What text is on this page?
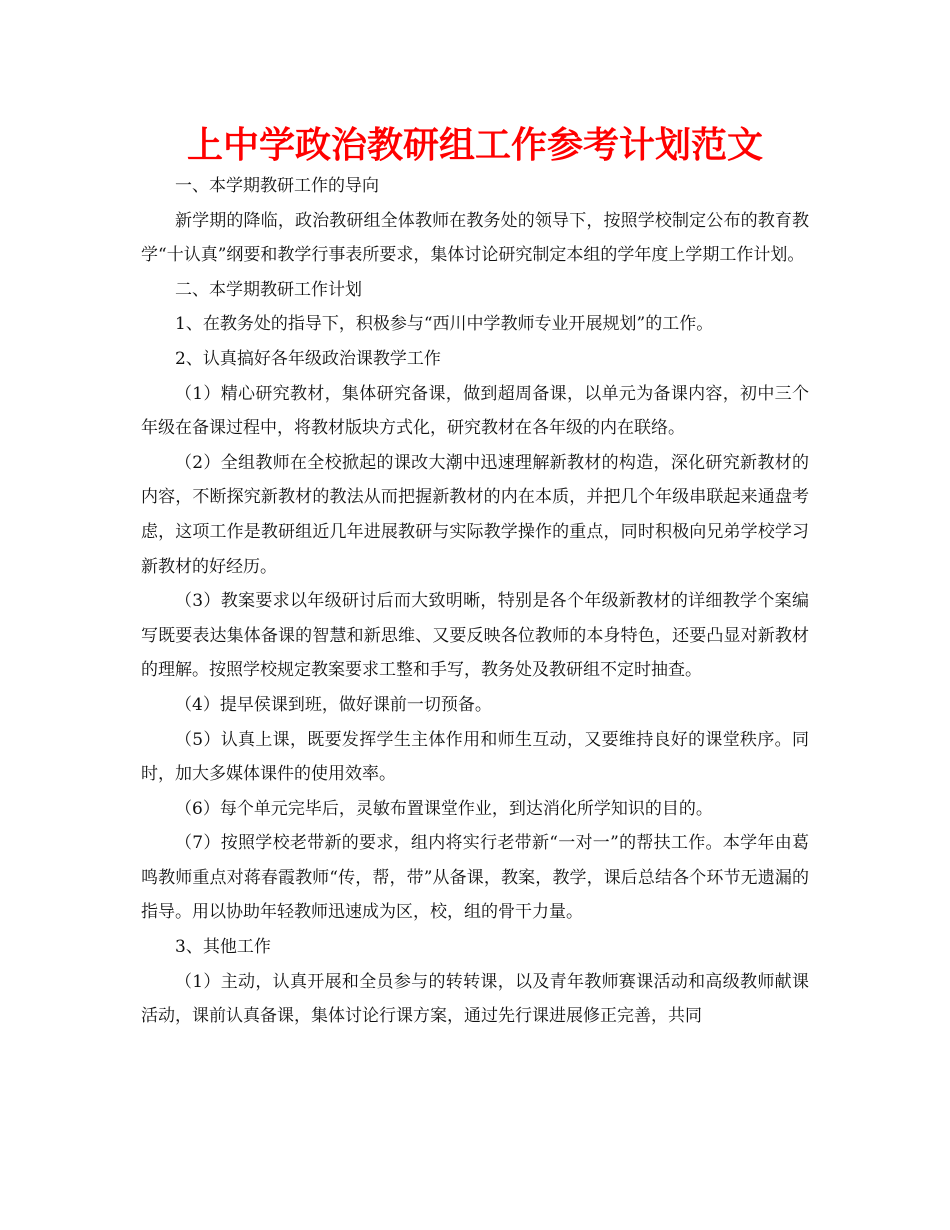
上中学政治教研组工作参考计划范文

一、本学期教研工作的导向

新学期的降临，政治教研组全体教师在教务处的领导下，按照学校制定公布的教育教学“十认真”纲要和教学行事表所要求，集体讨论研究制定本组的学年度上学期工作计划。

二、本学期教研工作计划

1、在教务处的指导下，积极参与“西川中学教师专业开展规划”的工作。

2、认真搞好各年级政治课教学工作

（1）精心研究教材，集体研究备课，做到超周备课，以单元为备课内容，初中三个年级在备课过程中，将教材版块方式化，研究教材在各年级的内在联络。

（2）全组教师在全校掀起的课改大潮中迅速理解新教材的构造，深化研究新教材的内容，不断探究新教材的教法从而把握新教材的内在本质，并把几个年级串联起来通盘考虑，这项工作是教研组近几年进展教研与实际教学操作的重点，同时积极向兄弟学校学习新教材的好经历。

（3）教案要求以年级研讨后而大致明晰，特别是各个年级新教材的详细教学个案编写既要表达集体备课的智慧和新思维、又要反映各位教师的本身特色，还要凸显对新教材的理解。按照学校规定教案要求工整和手写，教务处及教研组不定时抽查。

（4）提早侯课到班，做好课前一切预备。

（5）认真上课，既要发挥学生主体作用和师生互动，又要维持良好的课堂秩序。同时，加大多媒体课件的使用效率。

（6）每个单元完毕后，灵敏布置课堂作业，到达消化所学知识的目的。

（7）按照学校老带新的要求，组内将实行老带新“一对一”的帮扶工作。本学年由葛鸣教师重点对蒋春霞教师“传，帮，带”从备课，教案，教学，课后总结各个环节无遗漏的指导。用以协助年轻教师迅速成为区，校，组的骨干力量。

3、其他工作

（1）主动，认真开展和全员参与的转转课，以及青年教师赛课活动和高级教师献课活动，课前认真备课，集体讨论行课方案，通过先行课进展修正完善，共同
